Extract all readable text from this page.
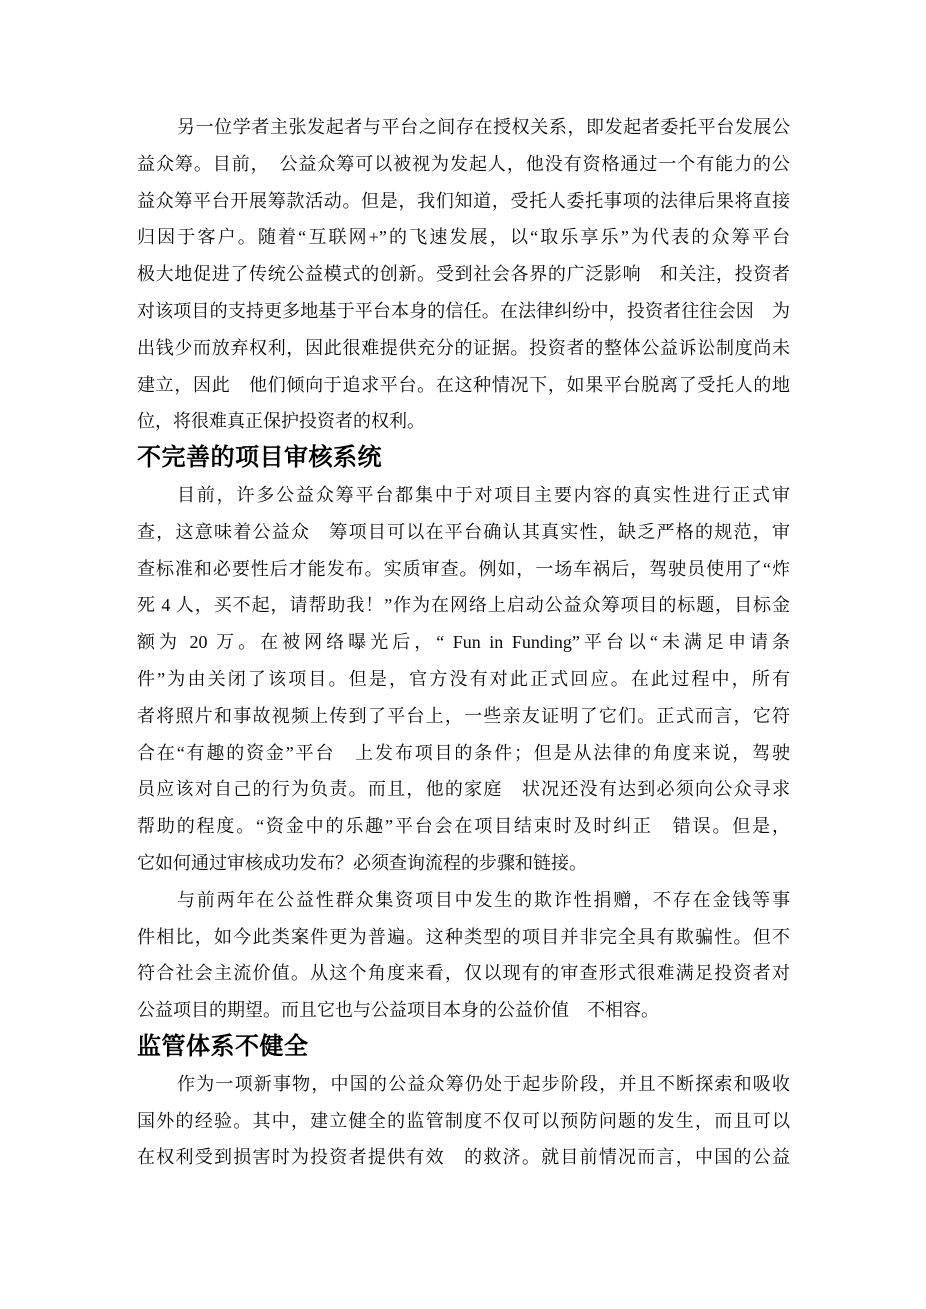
另一位学者主张发起者与平台之间存在授权关系，即发起者委托平台发展公
益众筹。目前，　公益众筹可以被视为发起人，他没有资格通过一个有能力的公
益众筹平台开展筹款活动。但是，我们知道，受托人委托事项的法律后果将直接
归因于客户。随着“互联网+”的飞速发展，以“取乐享乐”为代表的众筹平台
极大地促进了传统公益模式的创新。受到社会各界的广泛影响　和关注，投资者
对该项目的支持更多地基于平台本身的信任。在法律纠纷中，投资者往往会因　为
出钱少而放弃权利，因此很难提供充分的证据。投资者的整体公益诉讼制度尚未
建立，因此　他们倾向于追求平台。在这种情况下，如果平台脱离了受托人的地
位，将很难真正保护投资者的权利。
不完善的项目审核系统
目前，许多公益众筹平台都集中于对项目主要内容的真实性进行正式审
查，这意味着公益众　筹项目可以在平台确认其真实性，缺乏严格的规范，审
查标准和必要性后才能发布。实质审查。例如，一场车祸后，驾驶员使用了“炸
死 4 人，买不起，请帮助我！”作为在网络上启动公益众筹项目的标题，目标金
额为 20 万。在被网络曝光后，“ Fun in Funding”平台以“未满足申请条
件”为由关闭了该项目。但是，官方没有对此正式回应。在此过程中，所有
者将照片和事故视频上传到了平台上，一些亲友证明了它们。正式而言，它符
合在“有趣的资金”平台　上发布项目的条件；但是从法律的角度来说，驾驶
员应该对自己的行为负责。而且，他的家庭　状况还没有达到必须向公众寻求
帮助的程度。“资金中的乐趣”平台会在项目结束时及时纠正　错误。但是，
它如何通过审核成功发布？必须查询流程的步骤和链接。
与前两年在公益性群众集资项目中发生的欺诈性捐赠，不存在金钱等事
件相比，如今此类案件更为普遍。这种类型的项目并非完全具有欺骗性。但不
符合社会主流价值。从这个角度来看，仅以现有的审查形式很难满足投资者对
公益项目的期望。而且它也与公益项目本身的公益价值　不相容。
监管体系不健全
作为一项新事物，中国的公益众筹仍处于起步阶段，并且不断探索和吸收
国外的经验。其中，建立健全的监管制度不仅可以预防问题的发生，而且可以
在权利受到损害时为投资者提供有效　的救济。就目前情况而言，中国的公益
